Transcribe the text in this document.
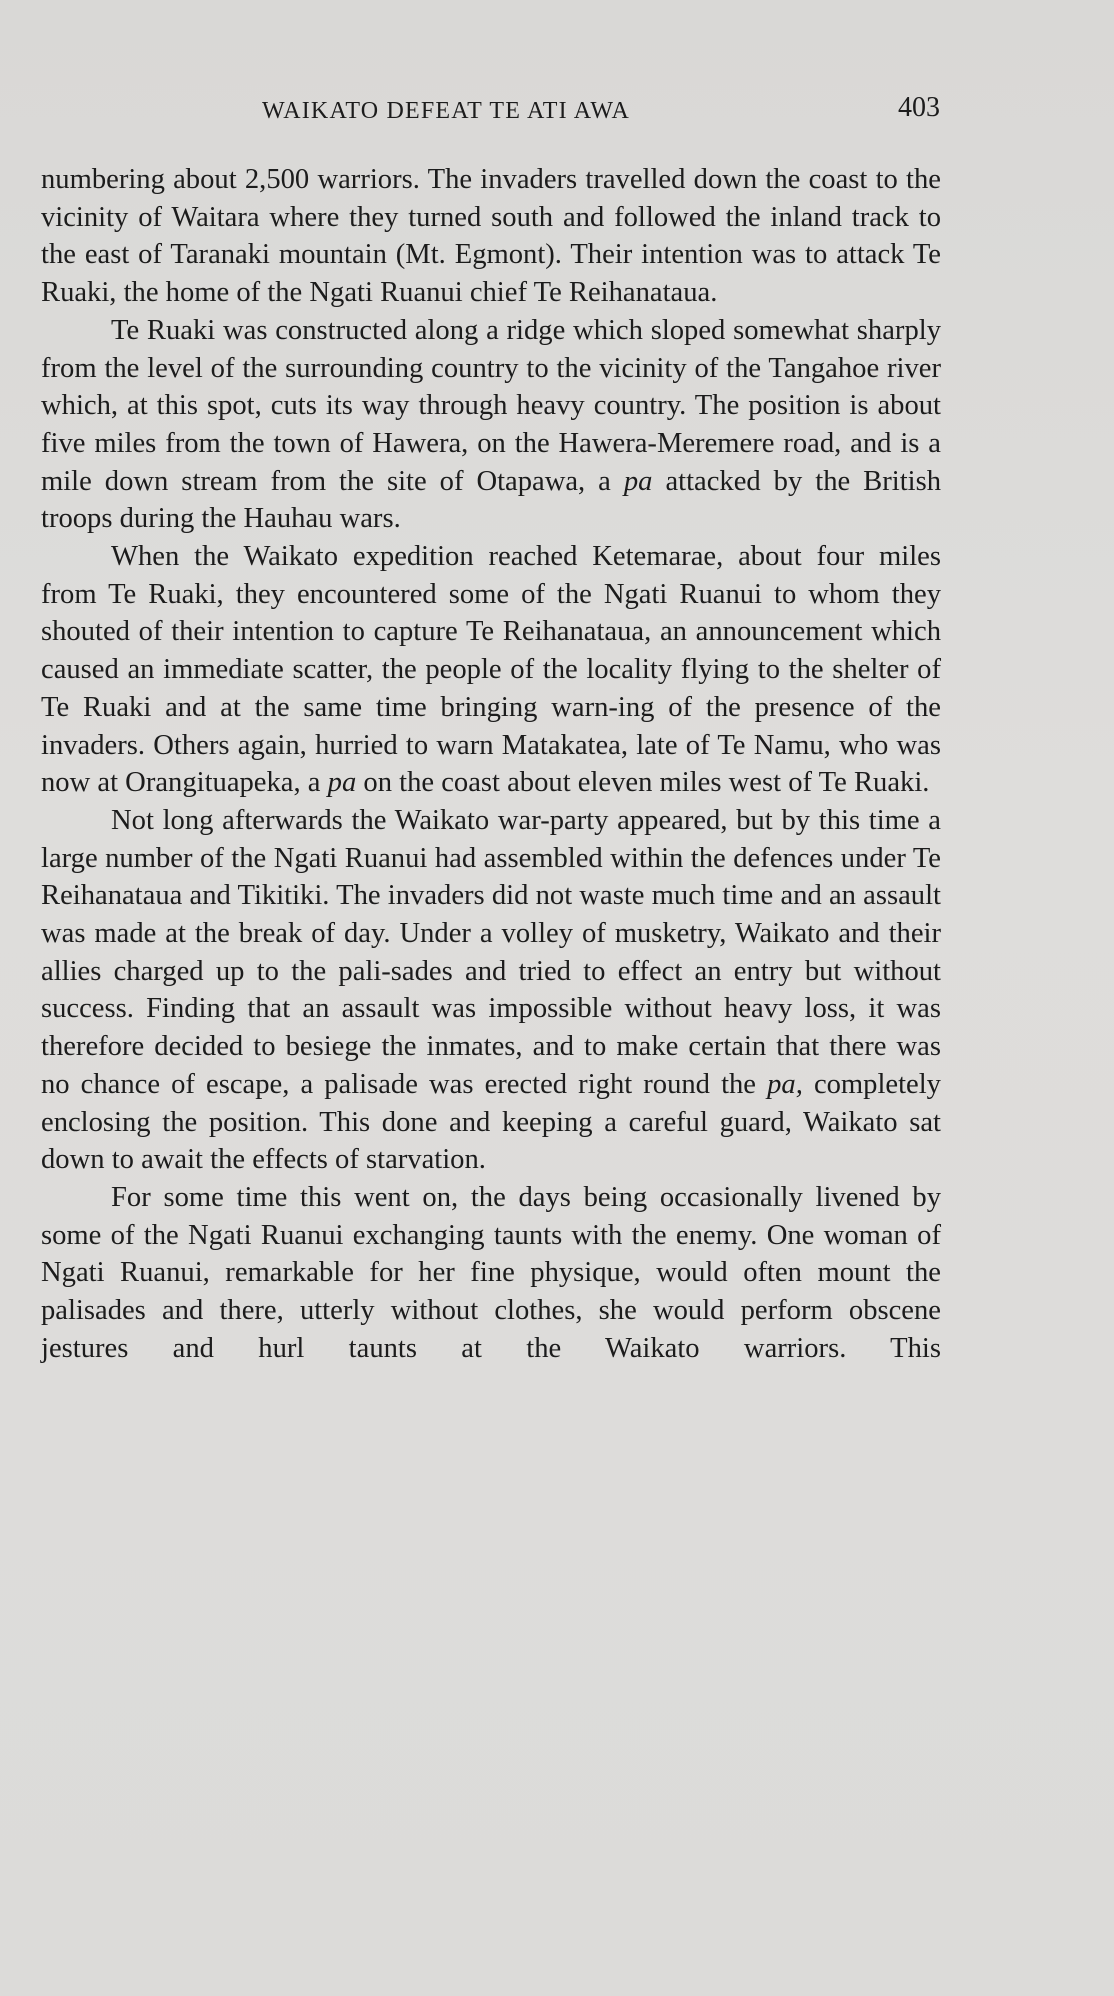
WAIKATO DEFEAT TE ATI AWA	403

numbering about 2,500 warriors. The invaders travelled down the coast to the vicinity of Waitara where they turned south and followed the inland track to the east of Taranaki mountain (Mt. Egmont). Their intention was to attack Te Ruaki, the home of the Ngati Ruanui chief Te Reihanataua.

Te Ruaki was constructed along a ridge which sloped somewhat sharply from the level of the surrounding country to the vicinity of the Tangahoe river which, at this spot, cuts its way through heavy country. The position is about five miles from the town of Hawera, on the Hawera-Meremere road, and is a mile down stream from the site of Otapawa, a pa attacked by the British troops during the Hauhau wars.

When the Waikato expedition reached Ketemarae, about four miles from Te Ruaki, they encountered some of the Ngati Ruanui to whom they shouted of their intention to capture Te Reihanataua, an announcement which caused an immediate scatter, the people of the locality flying to the shelter of Te Ruaki and at the same time bringing warn-ing of the presence of the invaders. Others again, hurried to warn Matakatea, late of Te Namu, who was now at Orangituapeka, a pa on the coast about eleven miles west of Te Ruaki.

Not long afterwards the Waikato war-party appeared, but by this time a large number of the Ngati Ruanui had assembled within the defences under Te Reihanataua and Tikitiki. The invaders did not waste much time and an assault was made at the break of day. Under a volley of musketry, Waikato and their allies charged up to the pali-sades and tried to effect an entry but without success. Finding that an assault was impossible without heavy loss, it was therefore decided to besiege the inmates, and to make certain that there was no chance of escape, a palisade was erected right round the pa, completely enclosing the position. This done and keeping a careful guard, Waikato sat down to await the effects of starvation.

For some time this went on, the days being occasionally livened by some of the Ngati Ruanui exchanging taunts with the enemy. One woman of Ngati Ruanui, remarkable for her fine physique, would often mount the palisades and there, utterly without clothes, she would perform obscene jestures and hurl taunts at the Waikato warriors. This
